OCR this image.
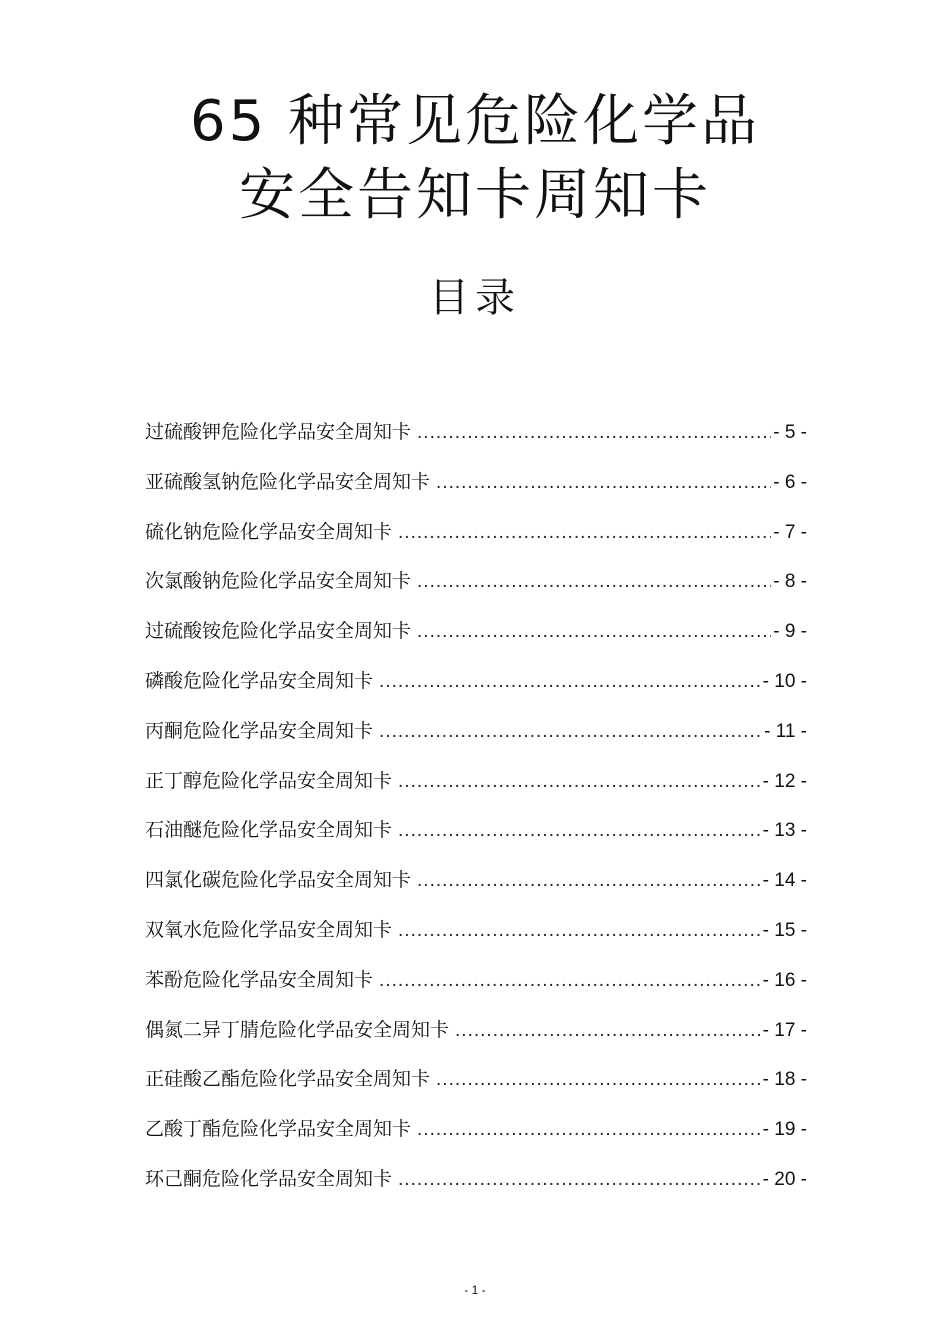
65 种常见危险化学品
安全告知卡周知卡
目录
过硫酸钾危险化学品安全周知卡 .....	- 5 -
亚硫酸氢钠危险化学品安全周知卡 .....	- 6 -
硫化钠危险化学品安全周知卡 .....	- 7 -
次氯酸钠危险化学品安全周知卡 .....	- 8 -
过硫酸铵危险化学品安全周知卡 .....	- 9 -
磷酸危险化学品安全周知卡 .....	- 10 -
丙酮危险化学品安全周知卡 .....	- 11 -
正丁醇危险化学品安全周知卡 .....	- 12 -
石油醚危险化学品安全周知卡 .....	- 13 -
四氯化碳危险化学品安全周知卡 .....	- 14 -
双氧水危险化学品安全周知卡 .....	- 15 -
苯酚危险化学品安全周知卡 .....	- 16 -
偶氮二异丁腈危险化学品安全周知卡 .....	- 17 -
正硅酸乙酯危险化学品安全周知卡 .....	- 18 -
乙酸丁酯危险化学品安全周知卡 .....	- 19 -
环己酮危险化学品安全周知卡 .....	- 20 -
- 1 -
